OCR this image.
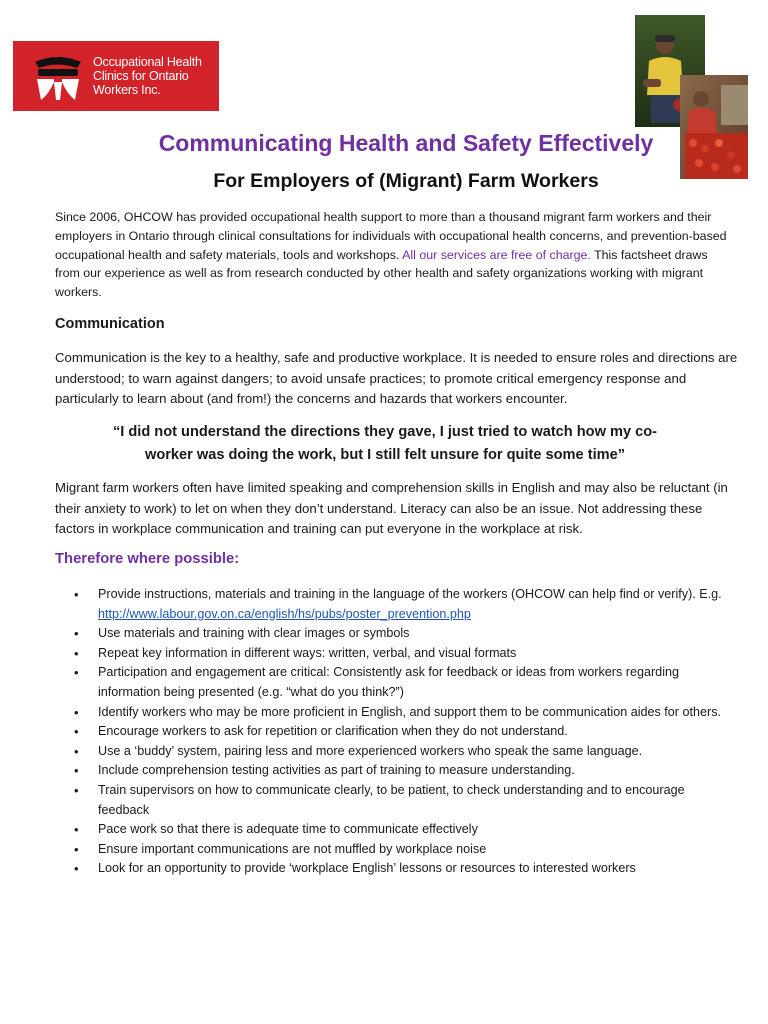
Occupational Health
Clinics for Ontario
Workers Inc.
Communicating Health and Safety Effectively
For Employers of (Migrant) Farm Workers
Since 2006, OHCOW has provided occupational health support to more than a thousand migrant farm workers and their employers in Ontario through clinical consultations for individuals with occupational health concerns, and prevention-based occupational health and safety materials, tools and workshops. All our services are free of charge. This factsheet draws from our experience as well as from research conducted by other health and safety organizations working with migrant workers.
Communication
Communication is the key to a healthy, safe and productive workplace. It is needed to ensure roles and directions are understood; to warn against dangers; to avoid unsafe practices; to promote critical emergency response and particularly to learn about (and from!) the concerns and hazards that workers encounter.
“I did not understand the directions they gave, I just tried to watch how my co-
worker was doing the work, but I still felt unsure for quite some time”
Migrant farm workers often have limited speaking and comprehension skills in English and may also be reluctant (in their anxiety to work) to let on when they don’t understand. Literacy can also be an issue. Not addressing these factors in workplace communication and training can put everyone in the workplace at risk.
Therefore where possible:
• Provide instructions, materials and training in the language of the workers (OHCOW can help find or verify). E.g. http://www.labour.gov.on.ca/english/hs/pubs/poster_prevention.php
• Use materials and training with clear images or symbols
• Repeat key information in different ways: written, verbal, and visual formats
• Participation and engagement are critical: Consistently ask for feedback or ideas from workers regarding information being presented (e.g. “what do you think?”)
• Identify workers who may be more proficient in English, and support them to be communication aides for others.
• Encourage workers to ask for repetition or clarification when they do not understand.
• Use a ‘buddy’ system, pairing less and more experienced workers who speak the same language.
• Include comprehension testing activities as part of training to measure understanding.
• Train supervisors on how to communicate clearly, to be patient, to check understanding and to encourage feedback
• Pace work so that there is adequate time to communicate effectively
• Ensure important communications are not muffled by workplace noise
• Look for an opportunity to provide ‘workplace English’ lessons or resources to interested workers
